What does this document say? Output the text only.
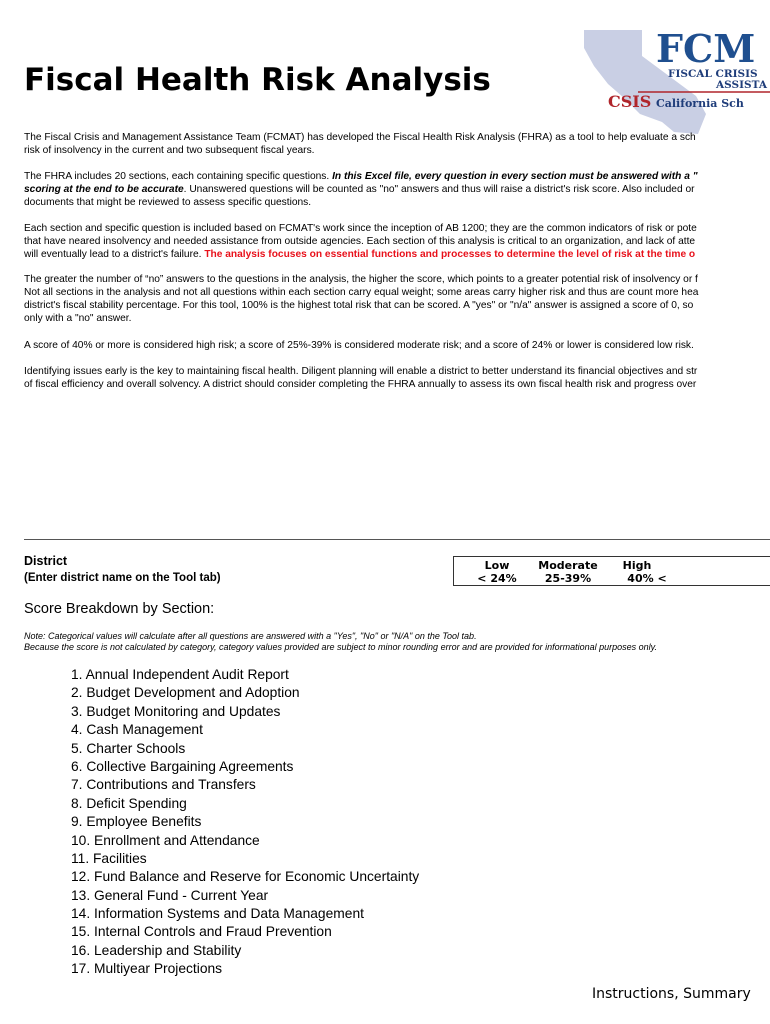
FCM
FISCAL CRISIS
ASSISTA
CSIS California Sch
Fiscal Health Risk Analysis
The Fiscal Crisis and Management Assistance Team (FCMAT) has developed the Fiscal Health Risk Analysis (FHRA) as a tool to help evaluate a sch
risk of insolvency in the current and two subsequent fiscal years.
The FHRA includes 20 sections, each containing specific questions. In this Excel file, every question in every section must be answered with a "
scoring at the end to be accurate. Unanswered questions will be counted as "no" answers and thus will raise a district's risk score. Also included or
documents that might be reviewed to assess specific questions.
Each section and specific question is included based on FCMAT's work since the inception of AB 1200; they are the common indicators of risk or pote
that have neared insolvency and needed assistance from outside agencies. Each section of this analysis is critical to an organization, and lack of atte
will eventually lead to a district's failure. The analysis focuses on essential functions and processes to determine the level of risk at the time o
The greater the number of “no” answers to the questions in the analysis, the higher the score, which points to a greater potential risk of insolvency or f
Not all sections in the analysis and not all questions within each section carry equal weight; some areas carry higher risk and thus are count more hea
district's fiscal stability percentage. For this tool, 100% is the highest total risk that can be scored. A "yes" or "n/a" answer is assigned a score of 0, so
only with a "no" answer.
A score of 40% or more is considered high risk; a score of 25%-39% is considered moderate risk; and a score of 24% or lower is considered low risk.
Identifying issues early is the key to maintaining fiscal health. Diligent planning will enable a district to better understand its financial objectives and str
of fiscal efficiency and overall solvency. A district should consider completing the FHRA annually to assess its own fiscal health risk and progress over
District
(Enter district name on the Tool tab)
Low
< 24%
Moderate
25-39%
High
40% <
Score Breakdown by Section:
Note: Categorical values will calculate after all questions are answered with a "Yes", "No" or "N/A" on the Tool tab.
Because the score is not calculated by category, category values provided are subject to minor rounding error and are provided for informational purposes only.
1. Annual Independent Audit Report
2. Budget Development and Adoption
3. Budget Monitoring and Updates
4. Cash Management
5. Charter Schools
6. Collective Bargaining Agreements
7. Contributions and Transfers
8. Deficit Spending
9. Employee Benefits
10. Enrollment and Attendance
11. Facilities
12. Fund Balance and Reserve for Economic Uncertainty
13. General Fund - Current Year
14. Information Systems and Data Management
15. Internal Controls and Fraud Prevention
16. Leadership and Stability
17. Multiyear Projections
Instructions, Summary
